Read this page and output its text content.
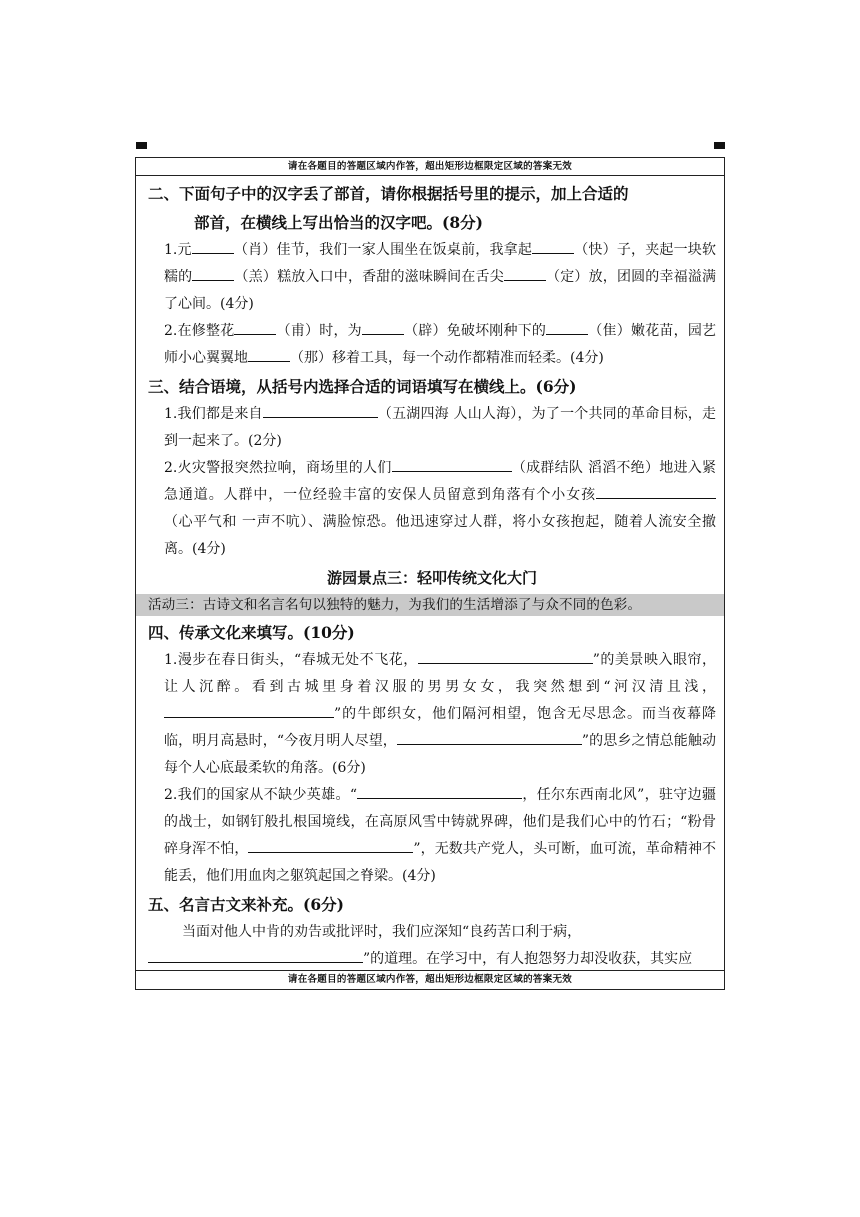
请在各题目的答题区域内作答，超出矩形边框限定区域的答案无效
二、下面句子中的汉字丢了部首，请你根据括号里的提示，加上合适的
部首，在横线上写出恰当的汉字吧。(8分)
1.元	（肖）佳节，我们一家人围坐在饭桌前，我拿起	（快）子，夹起一块软糯的	（羔）糕放入口中，香甜的滋味瞬间在舌尖	（定）放，团圆的幸福溢满了心间。(4分)
2.在修整花	（甫）时，为	（辟）免破坏刚种下的	（隹）嫩花苗，园艺师小心翼翼地	（那）移着工具，每一个动作都精准而轻柔。(4分)
三、结合语境，从括号内选择合适的词语填写在横线上。(6分)
1.我们都是来自	（五湖四海 人山人海），为了一个共同的革命目标，走到一起来了。(2分)
2.火灾警报突然拉响，商场里的人们	（成群结队 滔滔不绝）地进入紧急通道。人群中，一位经验丰富的安保人员留意到角落有个小女孩（心平气和 一声不吭）、满脸惊恐。他迅速穿过人群，将小女孩抱起，随着人流安全撤离。(4分)
游园景点三：轻叩传统文化大门
活动三：古诗文和名言名句以独特的魅力，为我们的生活增添了与众不同的色彩。
四、传承文化来填写。(10分)
1.漫步在春日街头，“春城无处不飞花，	”的美景映入眼帘，让人沉醉。看到古城里身着汉服的男男女女，我突然想到“河汉清且浅，”的牛郎织女，他们隔河相望，饱含无尽思念。而当夜幕降临，明月高悬时，“今夜月明人尽望，	”的思乡之情总能触动每个人心底最柔软的角落。(6分)
2.我们的国家从不缺少英雄。“	，任尔东西南北风”，驻守边疆的战士，如钢钉般扎根国境线，在高原风雪中铸就界碑，他们是我们心中的竹石；“粉骨碎身浑不怕，	”，无数共产党人，头可断，血可流，革命精神不能丢，他们用血肉之躯筑起国之脊梁。(4分)
五、名言古文来补充。(6分)
当面对他人中肯的劝告或批评时，我们应深知“良药苦口利于病，”的道理。在学习中，有人抱怨努力却没收获，其实应
请在各题目的答题区域内作答，超出矩形边框限定区域的答案无效
